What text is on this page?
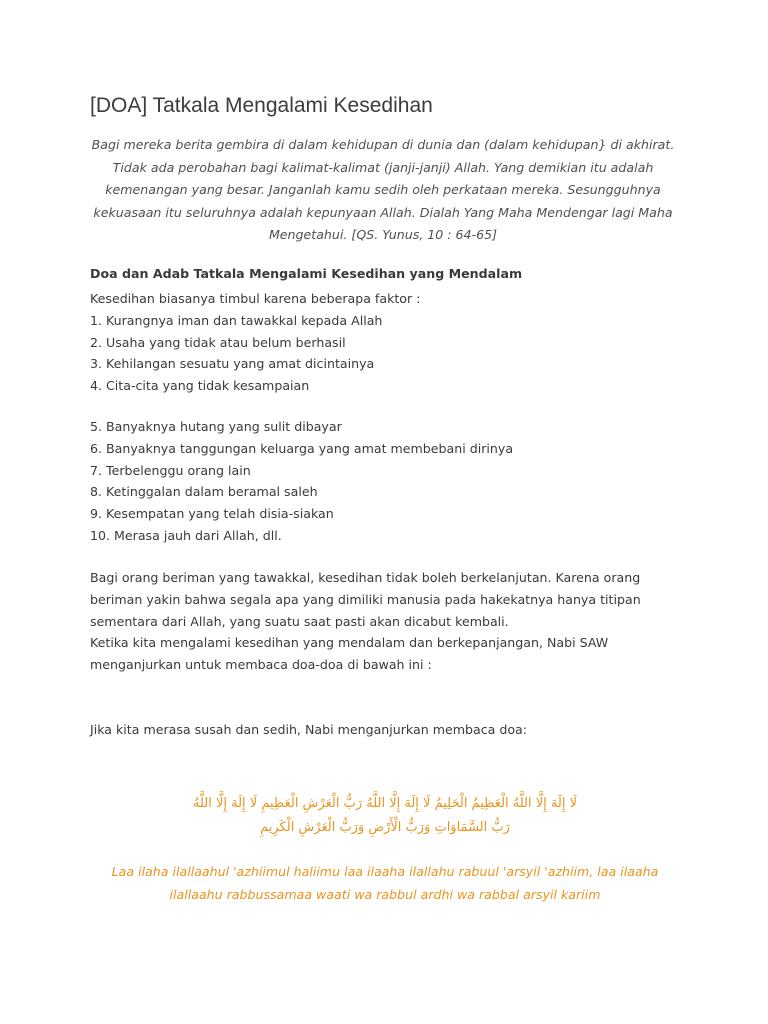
[DOA] Tatkala Mengalami Kesedihan
Bagi mereka berita gembira di dalam kehidupan di dunia dan (dalam kehidupan} di akhirat.
Tidak ada perobahan bagi kalimat-kalimat (janji-janji) Allah. Yang demikian itu adalah
kemenangan yang besar. Janganlah kamu sedih oleh perkataan mereka. Sesungguhnya
kekuasaan itu seluruhnya adalah kepunyaan Allah. Dialah Yang Maha Mendengar lagi Maha
Mengetahui. [QS. Yunus, 10 : 64-65]
Doa dan Adab Tatkala Mengalami Kesedihan yang Mendalam
Kesedihan biasanya timbul karena beberapa faktor :
1. Kurangnya iman dan tawakkal kepada Allah
2. Usaha yang tidak atau belum berhasil
3. Kehilangan sesuatu yang amat dicintainya
4. Cita-cita yang tidak kesampaian
5. Banyaknya hutang yang sulit dibayar
6. Banyaknya tanggungan keluarga yang amat membebani dirinya
7. Terbelenggu orang lain
8. Ketinggalan dalam beramal saleh
9. Kesempatan yang telah disia-siakan
10. Merasa jauh dari Allah, dll.
Bagi orang beriman yang tawakkal, kesedihan tidak boleh berkelanjutan. Karena orang
beriman yakin bahwa segala apa yang dimiliki manusia pada hakekatnya hanya titipan
sementara dari Allah, yang suatu saat pasti akan dicabut kembali.
Ketika kita mengalami kesedihan yang mendalam dan berkepanjangan, Nabi SAW
menganjurkan untuk membaca doa-doa di bawah ini :
Jika kita merasa susah dan sedih, Nabi menganjurkan membaca doa:
لَا إِلَهَ إِلَّا اللَّهُ الْعَظِيمُ الْحَلِيمُ لَا إِلَهَ إِلَّا اللَّهُ رَبُّ الْعَرْشِ الْعَظِيمِ لَا إِلَهَ إِلَّا اللَّهُ
رَبُّ السَّمَاوَاتِ وَرَبُّ الْأَرْضِ وَرَبُّ الْعَرْشِ الْكَرِيمِ
Laa ilaha ilallaahul 'azhiimul haliimu laa ilaaha ilallahu rabuul 'arsyil 'azhiim, laa ilaaha
ilallaahu rabbussamaa waati wa rabbul ardhi wa rabbal arsyil kariim
